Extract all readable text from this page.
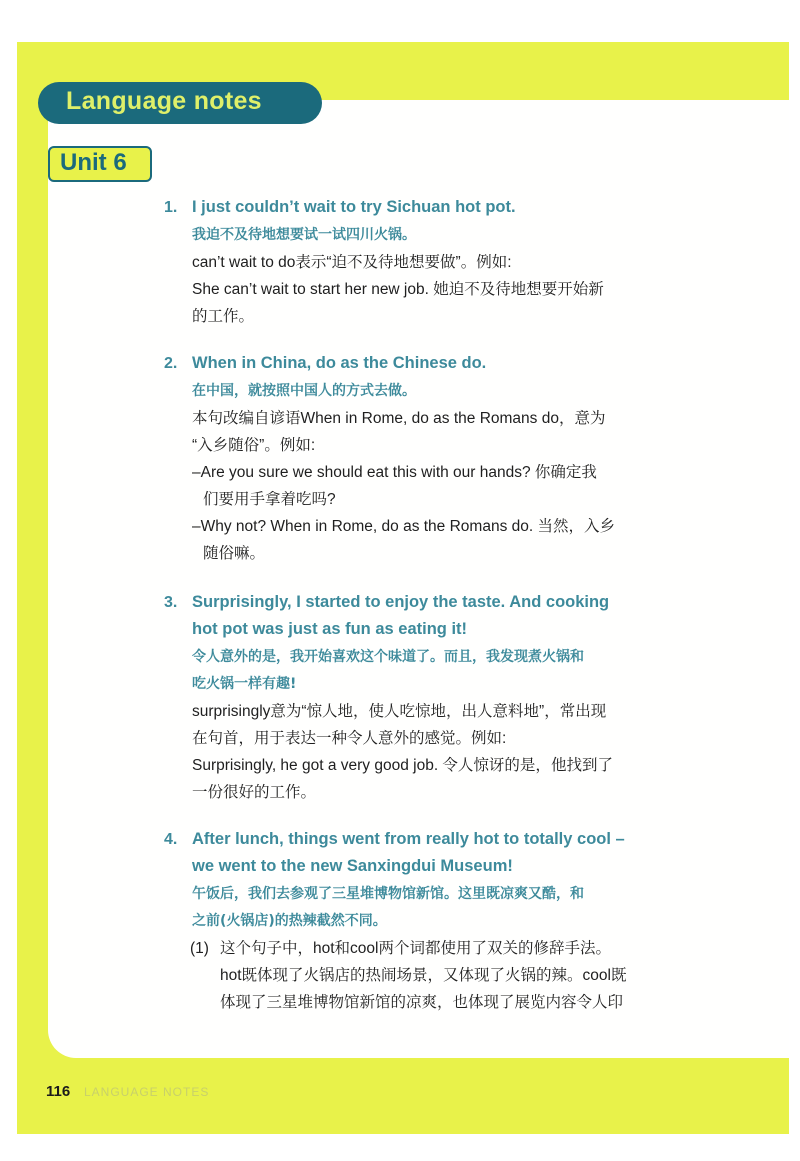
Language notes
Unit 6
1. I just couldn’t wait to try Sichuan hot pot.
我迫不及待地想要试一试四川火锅。
can’t wait to do表示“迫不及待地想要做”。例如:
She can’t wait to start her new job. 她迫不及待地想要开始新
的工作。
2. When in China, do as the Chinese do.
在中国，就按照中国人的方式去做。
本句改编自谚语When in Rome, do as the Romans do，意为
“入乡随俗”。例如:
–Are you sure we should eat this with our hands? 你确定我
们要用手拿着吃吗?
–Why not? When in Rome, do as the Romans do. 当然，入乡
随俗嘛。
3. Surprisingly, I started to enjoy the taste. And cooking
hot pot was just as fun as eating it!
令人意外的是，我开始喜欢这个味道了。而且，我发现煮火锅和
吃火锅一样有趣!
surprisingly意为“惊人地，使人吃惊地，出人意料地”，常出现
在句首，用于表达一种令人意外的感觉。例如:
Surprisingly, he got a very good job. 令人惊讶的是，他找到了
一份很好的工作。
4. After lunch, things went from really hot to totally cool –
we went to the new Sanxingdui Museum!
午饭后，我们去参观了三星堆博物馆新馆。这里既凉爽又酷，和
之前(火锅店)的热辣截然不同。
(1) 这个句子中，hot和cool两个词都使用了双关的修辞手法。
hot既体现了火锅店的热闹场景，又体现了火锅的辣。cool既
体现了三星堆博物馆新馆的凉爽，也体现了展览内容令人印
116 LANGUAGE NOTES
